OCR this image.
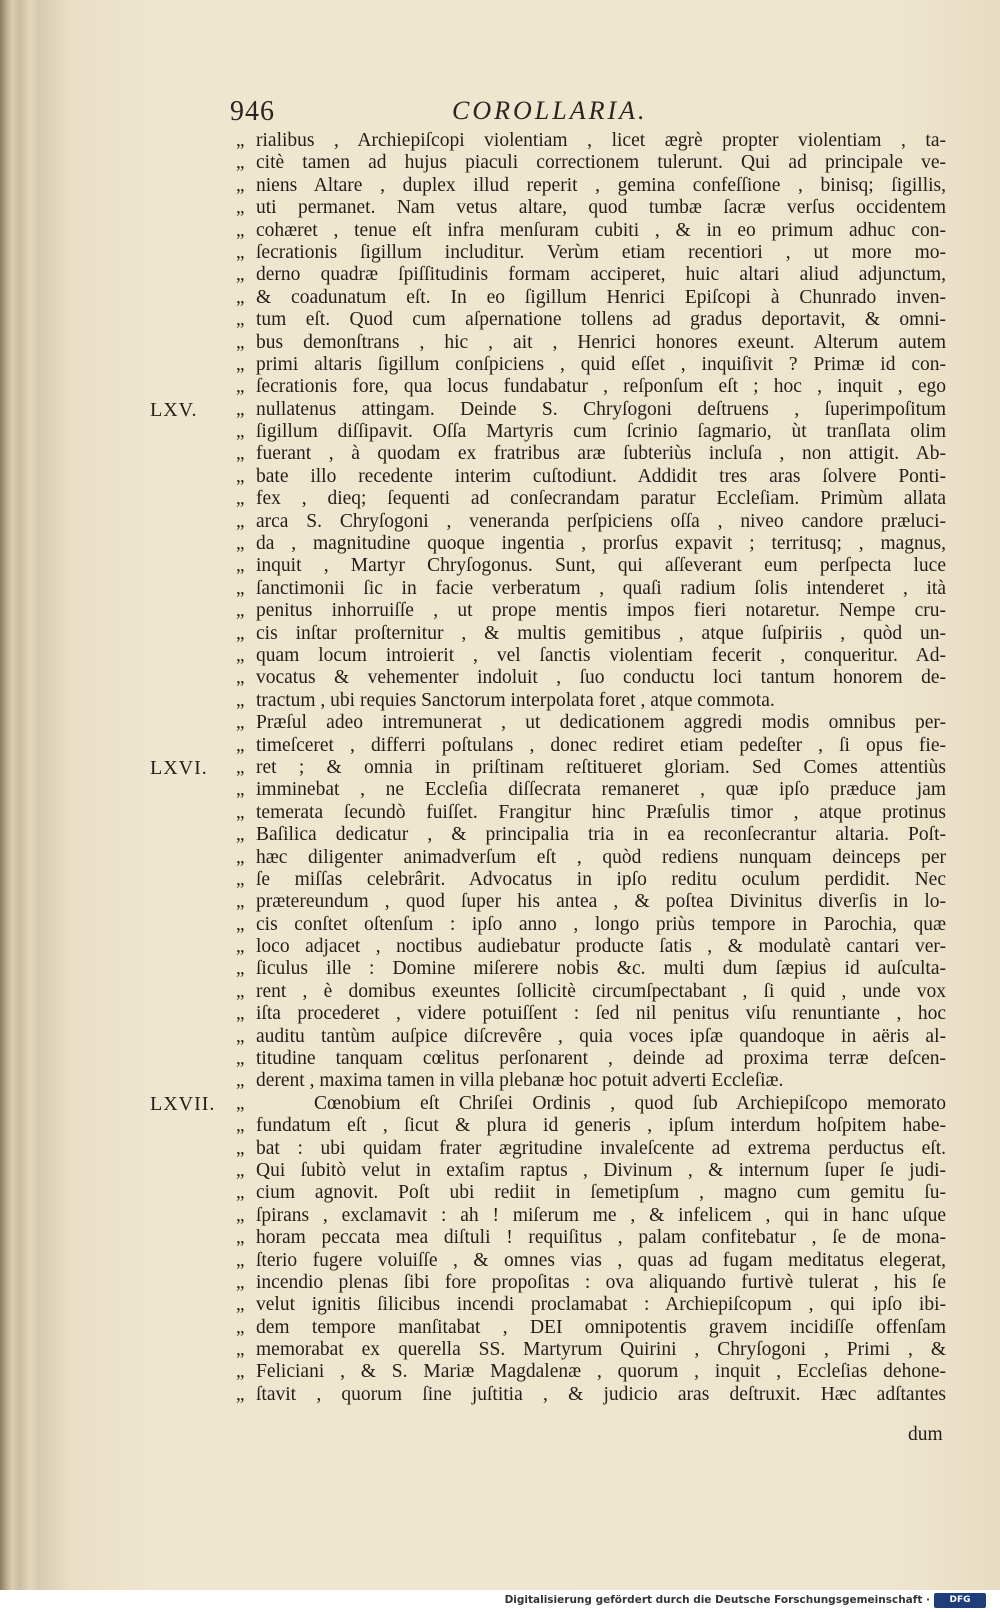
946	COROLLARIA.
„ rialibus , Archiepiſcopi violentiam , licet ægrè propter violentiam , ta-
„ citè tamen ad hujus piaculi correctionem tulerunt. Qui ad principale ve-
„ niens Altare , duplex illud reperit , gemina confeſſione , binisq; ſigillis,
„ uti permanet. Nam vetus altare, quod tumbæ ſacræ verſus occidentem
„ cohæret , tenue eſt infra menſuram cubiti , & in eo primum adhuc con-
„ ſecrationis ſigillum includitur. Verùm etiam recentiori , ut more mo-
„ derno quadræ ſpiſſitudinis formam acciperet, huic altari aliud adjunctum,
„ & coadunatum eſt. In eo ſigillum Henrici Epiſcopi à Chunrado inven-
„ tum eſt. Quod cum aſpernatione tollens ad gradus deportavit, & omni-
„ bus demonſtrans , hic , ait , Henrici honores exeunt. Alterum autem
„ primi altaris ſigillum conſpiciens , quid eſſet , inquiſivit ? Primæ id con-
„ ſecrationis fore, qua locus fundabatur , reſponſum eſt ; hoc , inquit , ego
LXV. „ nullatenus attingam. Deinde S. Chryſogoni deſtruens , ſuperimpoſitum
„ ſigillum diſſipavit. Oſſa Martyris cum ſcrinio ſagmario, ùt tranſlata olim
„ fuerant , à quodam ex fratribus aræ ſubteriùs incluſa , non attigit. Ab-
„ bate illo recedente interim cuſtodiunt. Addidit tres aras ſolvere Ponti-
„ fex , dieq; ſequenti ad conſecrandam paratur Eccleſiam. Primùm allata
„ arca S. Chryſogoni , veneranda perſpiciens oſſa , niveo candore præluci-
„ da , magnitudine quoque ingentia , prorſus expavit ; territusq; , magnus,
„ inquit , Martyr Chryſogonus. Sunt, qui aſſeverant eum perſpecta luce
„ ſanctimonii ſic in facie verberatum , quaſi radium ſolis intenderet , ità
„ penitus inhorruiſſe , ut prope mentis impos fieri notaretur. Nempe cru-
„ cis inſtar proſternitur , & multis gemitibus , atque ſuſpiriis , quòd un-
„ quam locum introierit , vel ſanctis violentiam fecerit , conqueritur. Ad-
„ vocatus & vehementer indoluit , ſuo conductu loci tantum honorem de-
„ tractum , ubi requies Sanctorum interpolata foret , atque commota.
„ Præſul adeo intremunerat , ut dedicationem aggredi modis omnibus per-
„ timeſceret , differri poſtulans , donec rediret etiam pedeſter , ſi opus fie-
LXVI. „ ret ; & omnia in priſtinam reſtitueret gloriam. Sed Comes attentiùs
„ imminebat , ne Eccleſia diſſecrata remaneret , quæ ipſo præduce jam
„ temerata ſecundò fuiſſet. Frangitur hinc Præſulis timor , atque protinus
„ Baſilica dedicatur , & principalia tria in ea reconſecrantur altaria. Poſt-
„ hæc diligenter animadverſum eſt , quòd rediens nunquam deinceps per
„ ſe miſſas celebrârit. Advocatus in ipſo reditu oculum perdidit. Nec
„ prætereundum , quod ſuper his antea , & poſtea Divinitus diverſis in lo-
„ cis conſtet oſtenſum : ipſo anno , longo priùs tempore in Parochia, quæ
„ loco adjacet , noctibus audiebatur producte ſatis , & modulatè cantari ver-
„ ſiculus ille : Domine miſerere nobis &c. multi dum ſæpius id auſculta-
„ rent , è domibus exeuntes ſollicitè circumſpectabant , ſi quid , unde vox
„ iſta procederet , videre potuiſſent : ſed nil penitus viſu renuntiante , hoc
„ auditu tantùm auſpice diſcrevêre , quia voces ipſæ quandoque in aëris al-
„ titudine tanquam cœlitus perſonarent , deinde ad proxima terræ deſcen-
„ derent , maxima tamen in villa plebanæ hoc potuit adverti Eccleſiæ.
LXVII. „	Cœnobium eſt Chriſei Ordinis , quod ſub Archiepiſcopo memorato
„ fundatum eſt , ſicut & plura id generis , ipſum interdum hoſpitem habe-
„ bat : ubi quidam frater ægritudine invaleſcente ad extrema perductus eſt.
„ Qui ſubitò velut in extaſim raptus , Divinum , & internum ſuper ſe judi-
„ cium agnovit. Poſt ubi rediit in ſemetipſum , magno cum gemitu ſu-
„ ſpirans , exclamavit : ah ! miſerum me , & infelicem , qui in hanc uſque
„ horam peccata mea diſtuli ! requiſitus , palam confitebatur , ſe de mona-
„ ſterio fugere voluiſſe , & omnes vias , quas ad fugam meditatus elegerat,
„ incendio plenas ſibi fore propoſitas : ova aliquando furtivè tulerat , his ſe
„ velut ignitis ſilicibus incendi proclamabat : Archiepiſcopum , qui ipſo ibi-
„ dem tempore manſitabat , DEI omnipotentis gravem incidiſſe offenſam
„ memorabat ex querella SS. Martyrum Quirini , Chryſogoni , Primi , &
„ Feliciani , & S. Mariæ Magdalenæ , quorum , inquit , Eccleſias dehone-
„ ſtavit , quorum ſine juſtitia , & judicio aras deſtruxit. Hæc adſtantes
dum
Digitalisierung gefördert durch die Deutsche Forschungsgemeinschaft ·	DFG
